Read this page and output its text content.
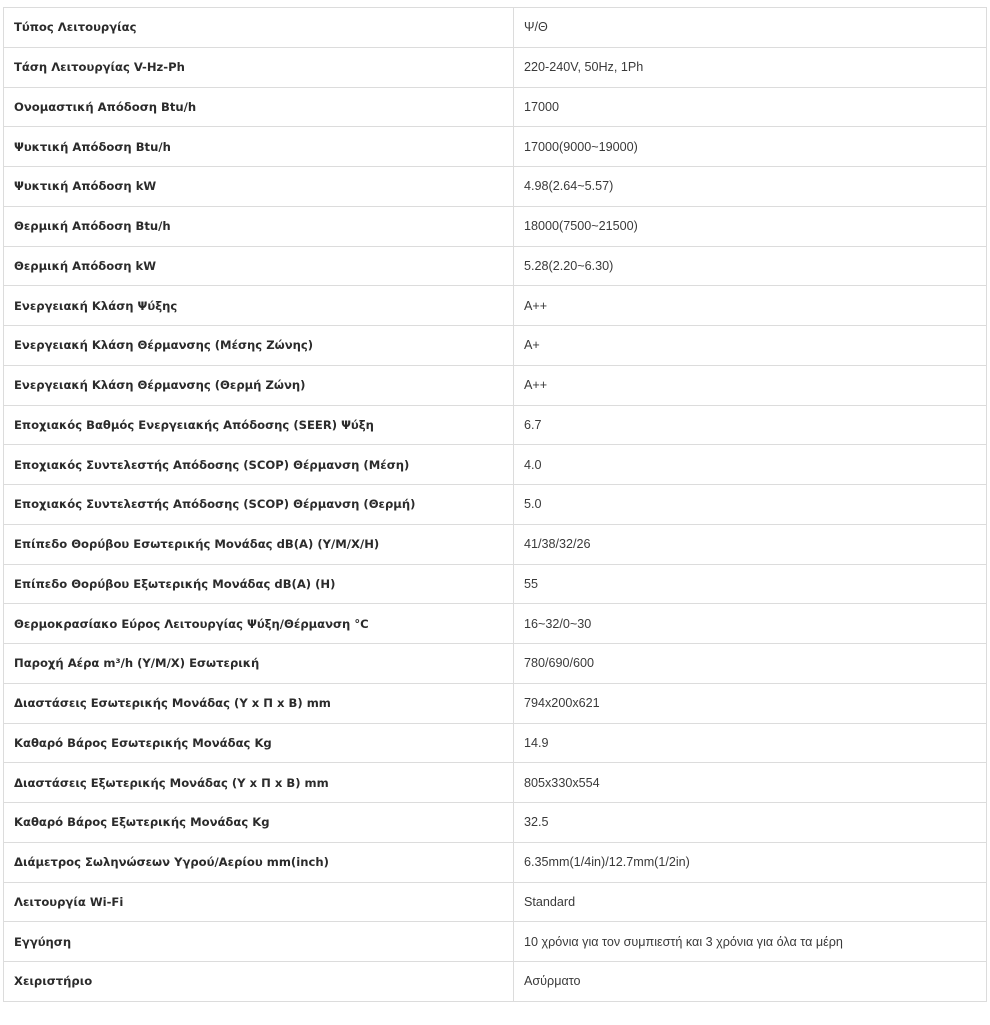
Τύπος Λειτουργίας	Ψ/Θ
Τάση Λειτουργίας V-Hz-Ph	220-240V, 50Hz, 1Ph
Ονομαστική Απόδοση Btu/h	17000
Ψυκτική Απόδοση Btu/h	17000(9000~19000)
Ψυκτική Απόδοση kW	4.98(2.64~5.57)
Θερμική Απόδοση Btu/h	18000(7500~21500)
Θερμική Απόδοση kW	5.28(2.20~6.30)
Ενεργειακή Κλάση Ψύξης	A++
Ενεργειακή Κλάση Θέρμανσης (Μέσης Ζώνης)	A+
Ενεργειακή Κλάση Θέρμανσης (Θερμή Ζώνη)	A++
Εποχιακός Βαθμός Ενεργειακής Απόδοσης (SEER) Ψύξη	6.7
Εποχιακός Συντελεστής Απόδοσης (SCOP) Θέρμανση (Μέση)	4.0
Εποχιακός Συντελεστής Απόδοσης (SCOP) Θέρμανση (Θερμή)	5.0
Επίπεδο Θορύβου Εσωτερικής Μονάδας dB(A) (Y/M/X/H)	41/38/32/26
Επίπεδο Θορύβου Εξωτερικής Μονάδας dB(A) (H)	55
Θερμοκρασίακο Εύρος Λειτουργίας Ψύξη/Θέρμανση °C	16~32/0~30
Παροχή Αέρα m³/h (Y/M/X) Εσωτερική	780/690/600
Διαστάσεις Εσωτερικής Μονάδας (Υ x Π x Β) mm	794x200x621
Καθαρό Βάρος Εσωτερικής Μονάδας Kg	14.9
Διαστάσεις Εξωτερικής Μονάδας (Υ x Π x Β) mm	805x330x554
Καθαρό Βάρος Εξωτερικής Μονάδας Kg	32.5
Διάμετρος Σωληνώσεων Υγρού/Αερίου mm(inch)	6.35mm(1/4in)/12.7mm(1/2in)
Λειτουργία Wi-Fi	Standard
Εγγύηση	10 χρόνια για τον συμπιεστή και 3 χρόνια για όλα τα μέρη
Χειριστήριο	Ασύρματο
